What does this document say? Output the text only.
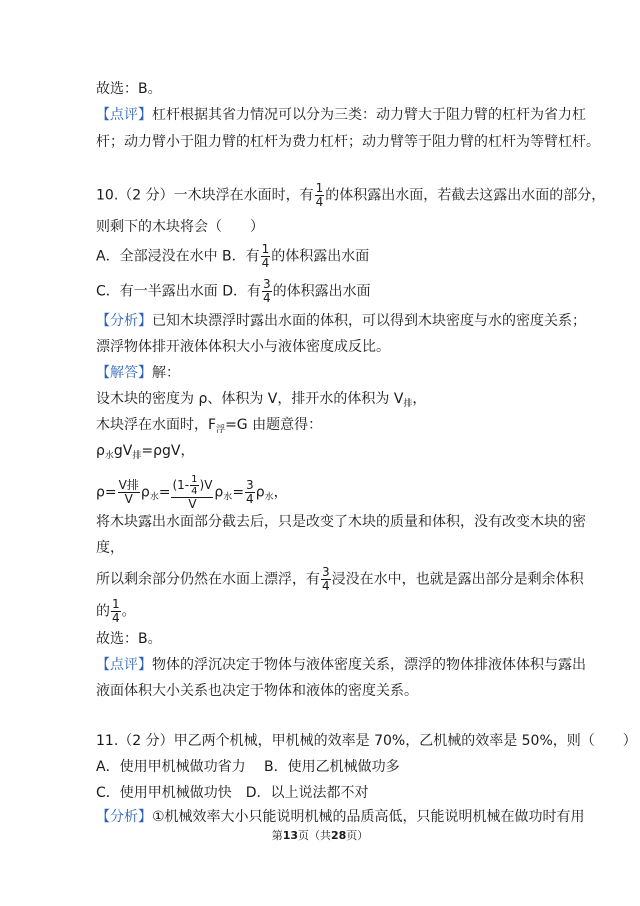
故选：B。
【点评】杠杆根据其省力情况可以分为三类：动力臂大于阻力臂的杠杆为省力杠
杆；动力臂小于阻力臂的杠杆为费力杠杆；动力臂等于阻力臂的杠杆为等臂杠杆。
10.（2 分）一木块浮在水面时，有 $\frac{1}{4}$ 的体积露出水面，若截去这露出水面的部分，
则剩下的木块将会（　　）
A．全部浸没在水中 B．有 $\frac{1}{4}$ 的体积露出水面
C．有一半露出水面 D．有 $\frac{3}{4}$ 的体积露出水面
【分析】已知木块漂浮时露出水面的体积，可以得到木块密度与水的密度关系；
漂浮物体排开液体体积大小与液体密度成反比。
【解答】解：
设木块的密度为 ρ、体积为 V，排开水的体积为 $V_排$，
木块浮在水面时，$F_浮=G$ 由题意得：
$\rho_水gV_排=\rho gV$，
$\rho= \frac{\text{V排}}{V} \rho_水= \frac{(1- \frac{1}{4} )V}{V} \rho_水= \frac{3}{4} \rho_水$，
将木块露出水面部分截去后，只是改变了木块的质量和体积，没有改变木块的密
度，
所以剩余部分仍然在水面上漂浮，有 $\frac{3}{4}$ 浸没在水中，也就是露出部分是剩余体积
的 $\frac{1}{4}$ 。
故选：B。
【点评】物体的浮沉决定于物体与液体密度关系，漂浮的物体排液体体积与露出
液面体积大小关系也决定于物体和液体的密度关系。
11.（2 分）甲乙两个机械，甲机械的效率是 70%，乙机械的效率是 50%，则（　　）
A．使用甲机械做功省力　 B．使用乙机械做功多
C．使用甲机械做功快　D．以上说法都不对
【分析】①机械效率大小只能说明机械的品质高低，只能说明机械在做功时有用
第13页（共28页）
